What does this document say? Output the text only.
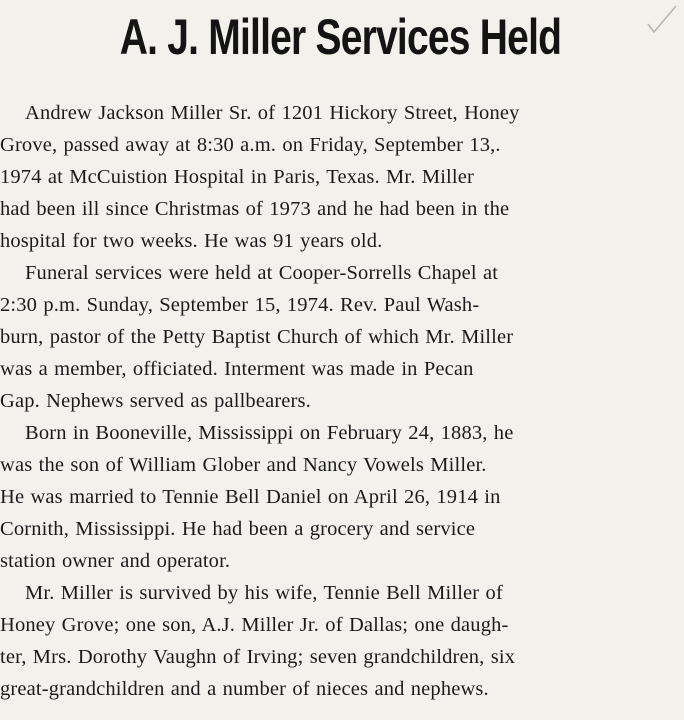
A. J. Miller Services Held
Andrew Jackson Miller Sr. of 1201 Hickory Street, Honey
Grove, passed away at 8:30 a.m. on Friday, September 13,.
1974 at McCuistion Hospital in Paris, Texas. Mr. Miller
had been ill since Christmas of 1973 and he had been in the
hospital for two weeks. He was 91 years old.
Funeral services were held at Cooper-Sorrells Chapel at
2:30 p.m. Sunday, September 15, 1974. Rev. Paul Wash-
burn, pastor of the Petty Baptist Church of which Mr. Miller
was a member, officiated. Interment was made in Pecan
Gap. Nephews served as pallbearers.
Born in Booneville, Mississippi on February 24, 1883, he
was the son of William Glober and Nancy Vowels Miller.
He was married to Tennie Bell Daniel on April 26, 1914 in
Cornith, Mississippi. He had been a grocery and service
station owner and operator.
Mr. Miller is survived by his wife, Tennie Bell Miller of
Honey Grove; one son, A.J. Miller Jr. of Dallas; one daugh-
ter, Mrs. Dorothy Vaughn of Irving; seven grandchildren, six
great-grandchildren and a number of nieces and nephews.
